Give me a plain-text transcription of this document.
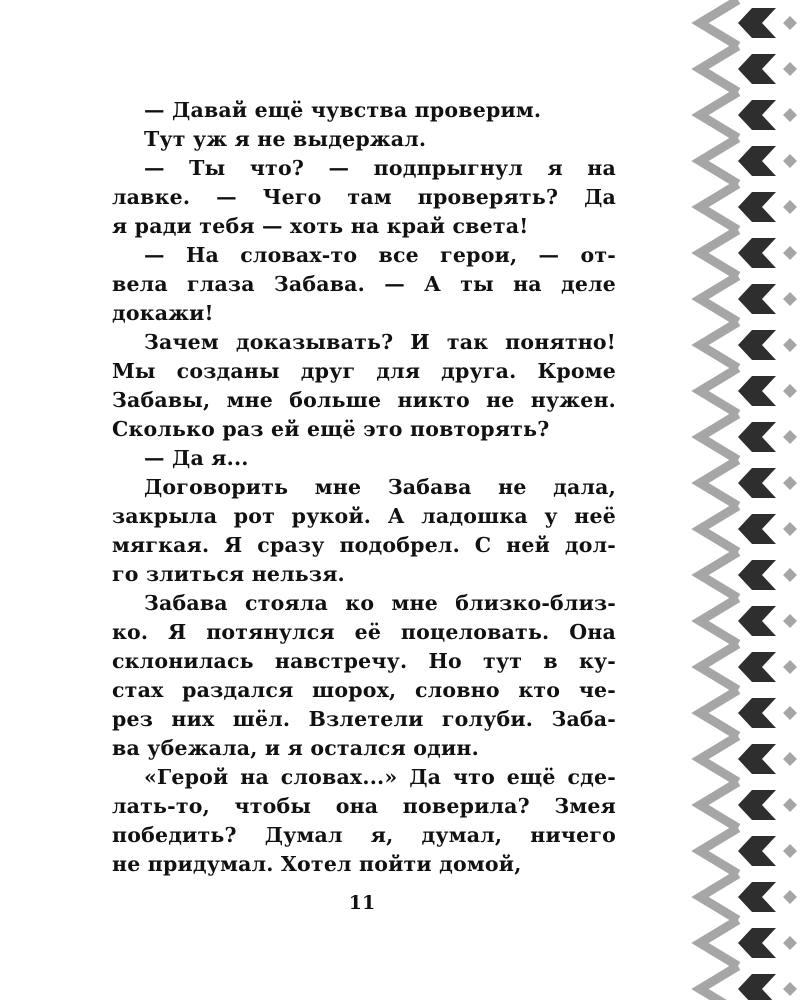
— Давай ещё чувства проверим.
Тут уж я не выдержал.
— Ты что? — подпрыгнул я на
лавке. — Чего там проверять? Да
я ради тебя — хоть на край света!
— На словах-то все герои, — от-
вела глаза Забава. — А ты на деле
докажи!
Зачем доказывать? И так понятно!
Мы созданы друг для друга. Кроме
Забавы, мне больше никто не нужен.
Сколько раз ей ещё это повторять?
— Да я...
Договорить мне Забава не дала,
закрыла рот рукой. А ладошка у неё
мягкая. Я сразу подобрел. С ней дол-
го злиться нельзя.
Забава стояла ко мне близко-близ-
ко. Я потянулся её поцеловать. Она
склонилась навстречу. Но тут в ку-
стах раздался шорох, словно кто че-
рез них шёл. Взлетели голуби. Заба-
ва убежала, и я остался один.
«Герой на словах...» Да что ещё сде-
лать-то, чтобы она поверила? Змея
победить? Думал я, думал, ничего
не придумал. Хотел пойти домой,
11
